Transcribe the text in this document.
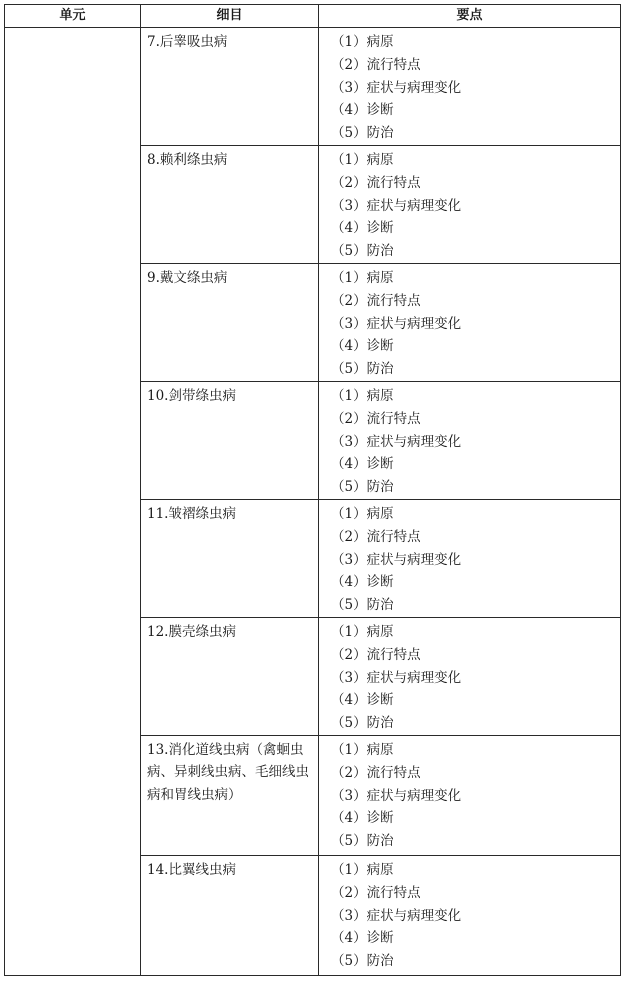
单元	细目	要点
	7.后睾吸虫病	（1）病原
（2）流行特点
（3）症状与病理变化
（4）诊断
（5）防治

	8.赖利绦虫病	（1）病原
（2）流行特点
（3）症状与病理变化
（4）诊断
（5）防治

	9.戴文绦虫病	（1）病原
（2）流行特点
（3）症状与病理变化
（4）诊断
（5）防治

	10.剑带绦虫病	（1）病原
（2）流行特点
（3）症状与病理变化
（4）诊断
（5）防治

	11.皱褶绦虫病	（1）病原
（2）流行特点
（3）症状与病理变化
（4）诊断
（5）防治

	12.膜壳绦虫病	（1）病原
（2）流行特点
（3）症状与病理变化
（4）诊断
（5）防治

	13.消化道线虫病（禽蛔虫病、异刺线虫病、毛细线虫病和胃线虫病）	（1）病原
（2）流行特点
（3）症状与病理变化
（4）诊断
（5）防治

	14.比翼线虫病	（1）病原
（2）流行特点
（3）症状与病理变化
（4）诊断
（5）防治
